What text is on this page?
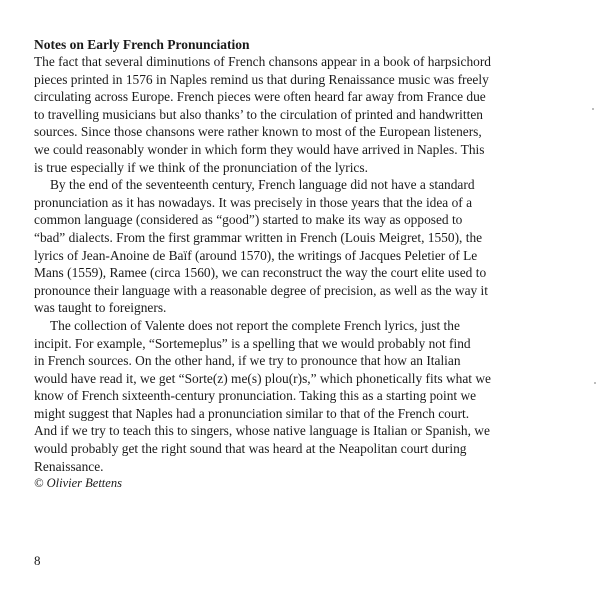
Notes on Early French Pronunciation

The fact that several diminutions of French chansons appear in a book of harpsichord
pieces printed in 1576 in Naples remind us that during Renaissance music was freely
circulating across Europe. French pieces were often heard far away from France due
to travelling musicians but also thanks’ to the circulation of printed and handwritten
sources. Since those chansons were rather known to most of the European listeners,
we could reasonably wonder in which form they would have arrived in Naples. This
is true especially if we think of the pronunciation of the lyrics.

By the end of the seventeenth century, French language did not have a standard
pronunciation as it has nowadays. It was precisely in those years that the idea of a
common language (considered as “good”) started to make its way as opposed to
“bad” dialects. From the first grammar written in French (Louis Meigret, 1550), the
lyrics of Jean-Anoine de Baïf (around 1570), the writings of Jacques Peletier of Le
Mans (1559), Ramee (circa 1560), we can reconstruct the way the court elite used to
pronounce their language with a reasonable degree of precision, as well as the way it
was taught to foreigners.

The collection of Valente does not report the complete French lyrics, just the
incipit. For example, “Sortemeplus” is a spelling that we would probably not find
in French sources. On the other hand, if we try to pronounce that how an Italian
would have read it, we get “Sorte(z) me(s) plou(r)s,” which phonetically fits what we
know of French sixteenth-century pronunciation. Taking this as a starting point we
might suggest that Naples had a pronunciation similar to that of the French court.
And if we try to teach this to singers, whose native language is Italian or Spanish, we
would probably get the right sound that was heard at the Neapolitan court during
Renaissance.

© Olivier Bettens

8
